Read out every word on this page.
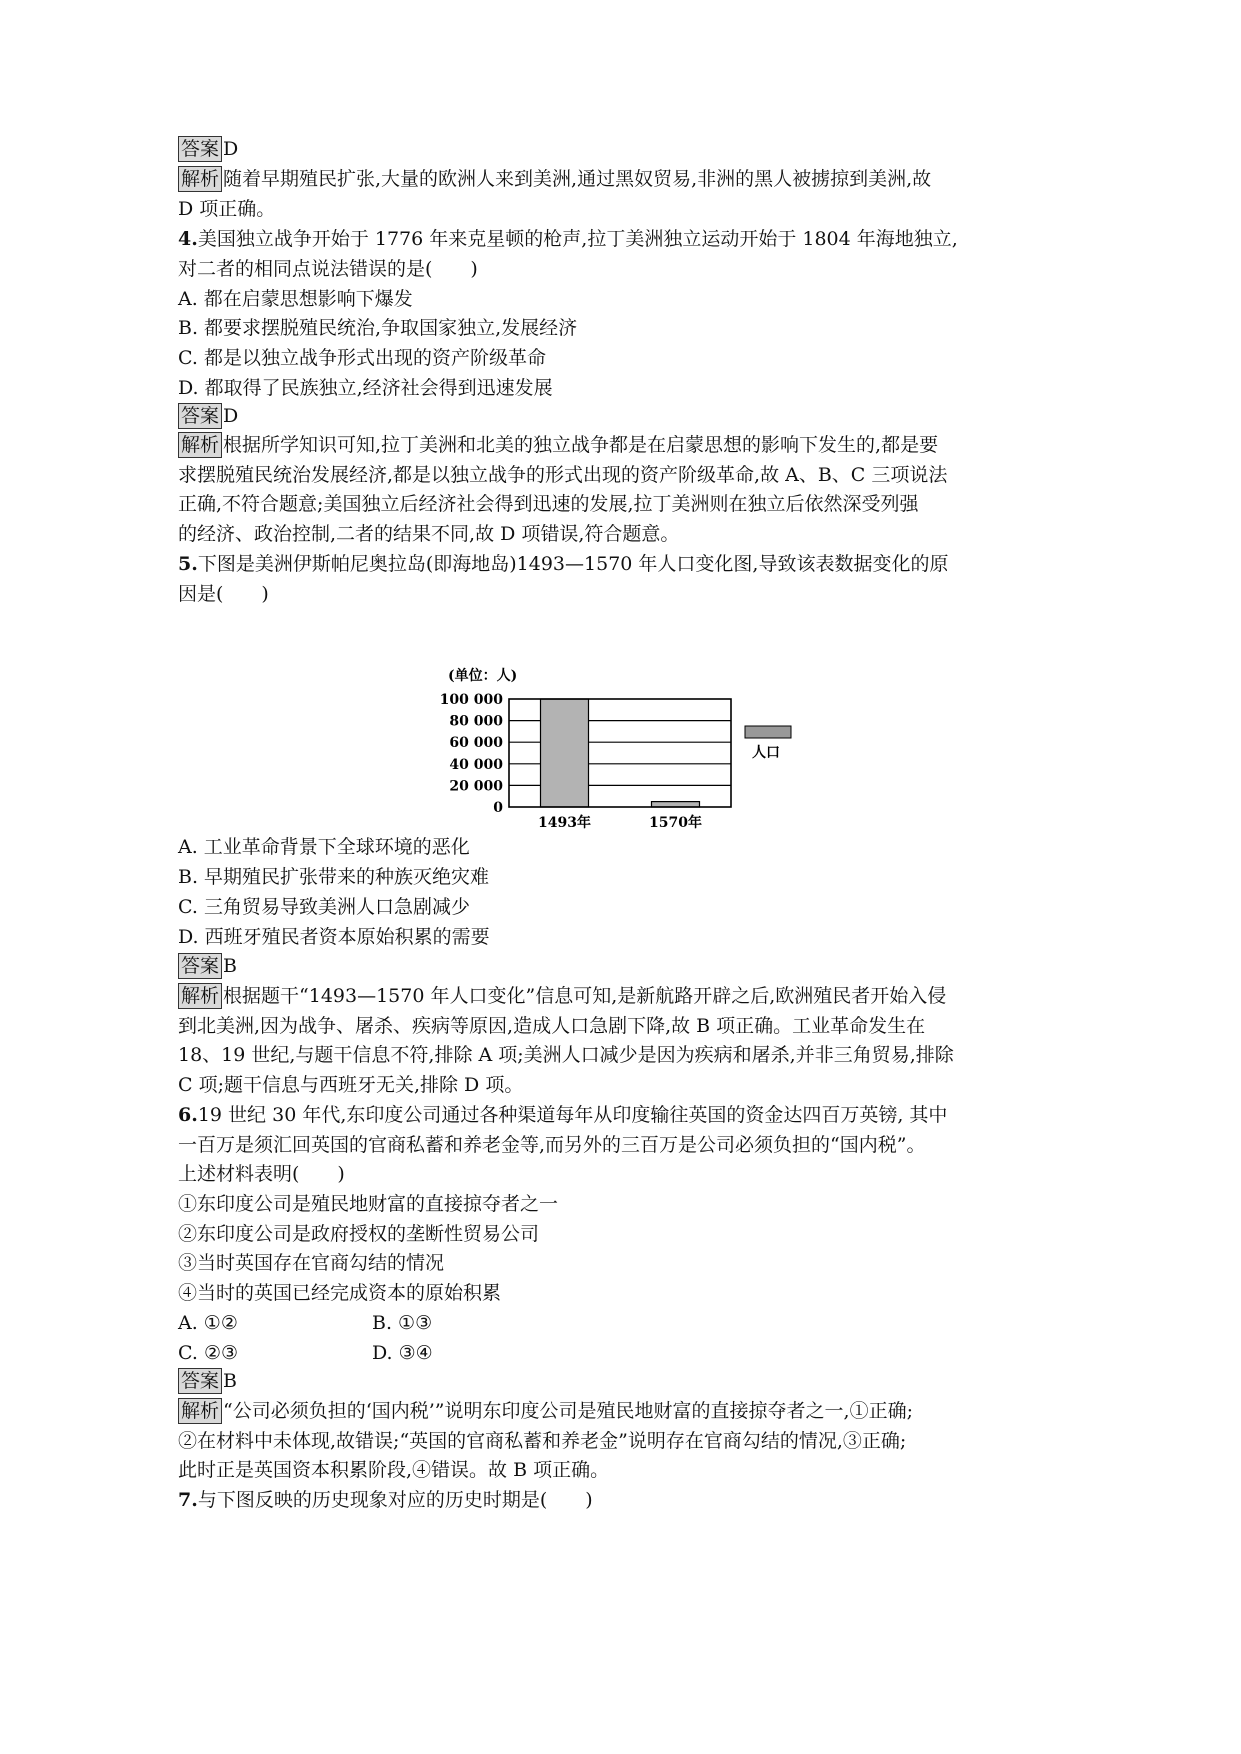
答案 D
解析 随着早期殖民扩张,大量的欧洲人来到美洲,通过黑奴贸易,非洲的黑人被掳掠到美洲,故
D 项正确。
4.美国独立战争开始于 1776 年来克星顿的枪声,拉丁美洲独立运动开始于 1804 年海地独立,
对二者的相同点说法错误的是(　　)
A. 都在启蒙思想影响下爆发
B. 都要求摆脱殖民统治,争取国家独立,发展经济
C. 都是以独立战争形式出现的资产阶级革命
D. 都取得了民族独立,经济社会得到迅速发展
答案 D
解析 根据所学知识可知,拉丁美洲和北美的独立战争都是在启蒙思想的影响下发生的,都是要
求摆脱殖民统治发展经济,都是以独立战争的形式出现的资产阶级革命,故 A、B、C 三项说法
正确,不符合题意;美国独立后经济社会得到迅速的发展,拉丁美洲则在独立后依然深受列强
的经济、政治控制,二者的结果不同,故 D 项错误,符合题意。
5.下图是美洲伊斯帕尼奥拉岛(即海地岛)1493—1570 年人口变化图,导致该表数据变化的原
因是(　　)
(单位：人)
0
20 000
40 000
60 000
80 000
100 000
1493年	1570年
人口
A. 工业革命背景下全球环境的恶化
B. 早期殖民扩张带来的种族灭绝灾难
C. 三角贸易导致美洲人口急剧减少
D. 西班牙殖民者资本原始积累的需要
答案 B
解析 根据题干“1493—1570 年人口变化”信息可知,是新航路开辟之后,欧洲殖民者开始入侵
到北美洲,因为战争、屠杀、疾病等原因,造成人口急剧下降,故 B 项正确。工业革命发生在
18、19 世纪,与题干信息不符,排除 A 项;美洲人口减少是因为疾病和屠杀,并非三角贸易,排除
C 项;题干信息与西班牙无关,排除 D 项。
6.19 世纪 30 年代,东印度公司通过各种渠道每年从印度输往英国的资金达四百万英镑, 其中
一百万是须汇回英国的官商私蓄和养老金等,而另外的三百万是公司必须负担的“国内税”。
上述材料表明(　　)
①东印度公司是殖民地财富的直接掠夺者之一
②东印度公司是政府授权的垄断性贸易公司
③当时英国存在官商勾结的情况
④当时的英国已经完成资本的原始积累
A. ①②	B. ①③
C. ②③	D. ③④
答案 B
解析 “公司必须负担的‘国内税’”说明东印度公司是殖民地财富的直接掠夺者之一,①正确;
②在材料中未体现,故错误;“英国的官商私蓄和养老金”说明存在官商勾结的情况,③正确;
此时正是英国资本积累阶段,④错误。故 B 项正确。
7.与下图反映的历史现象对应的历史时期是(　　)
